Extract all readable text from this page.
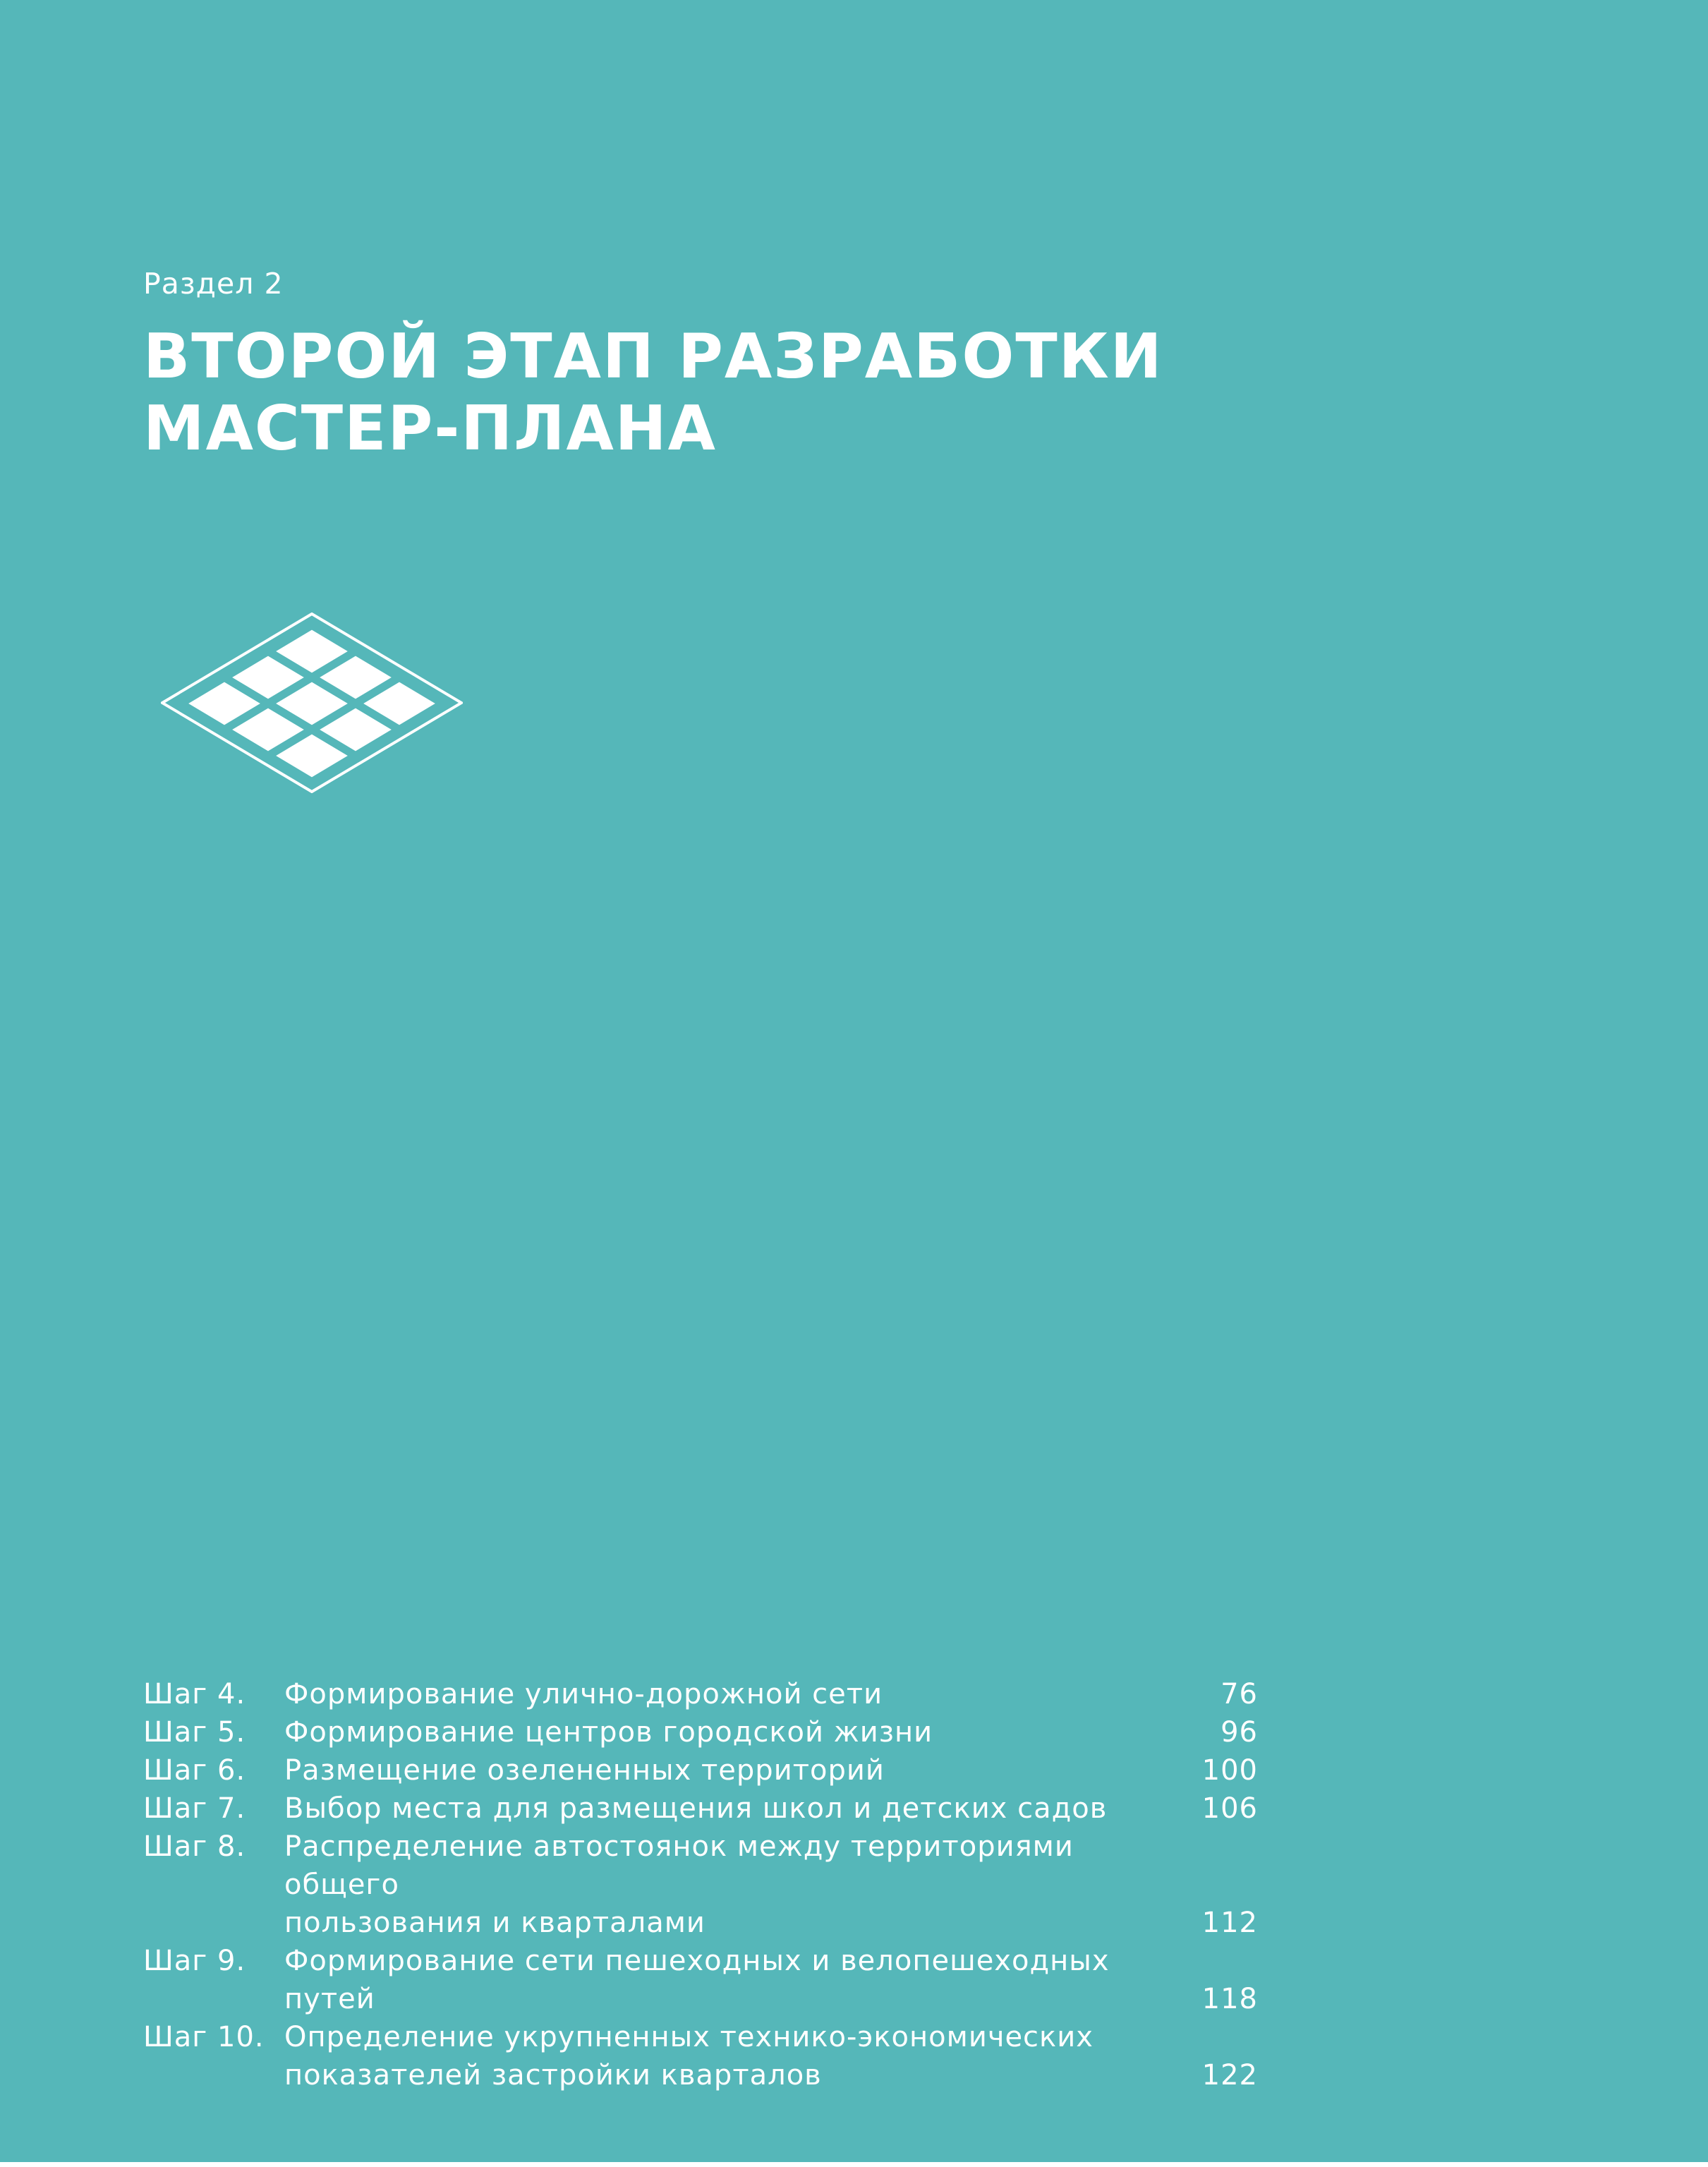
Раздел 2
ВТОРОЙ ЭТАП РАЗРАБОТКИ
МАСТЕР-ПЛАНА
Шаг 4.	Формирование улично-дорожной сети	76
Шаг 5.	Формирование центров городской жизни	96
Шаг 6.	Размещение озелененных территорий	100
Шаг 7.	Выбор места для размещения школ и детских садов	106
Шаг 8.	Распределение автостоянок между территориями общего
пользования и кварталами	112
Шаг 9.	Формирование сети пешеходных и велопешеходных путей	118
Шаг 10. Определение укрупненных технико-экономических
показателей застройки кварталов	122
